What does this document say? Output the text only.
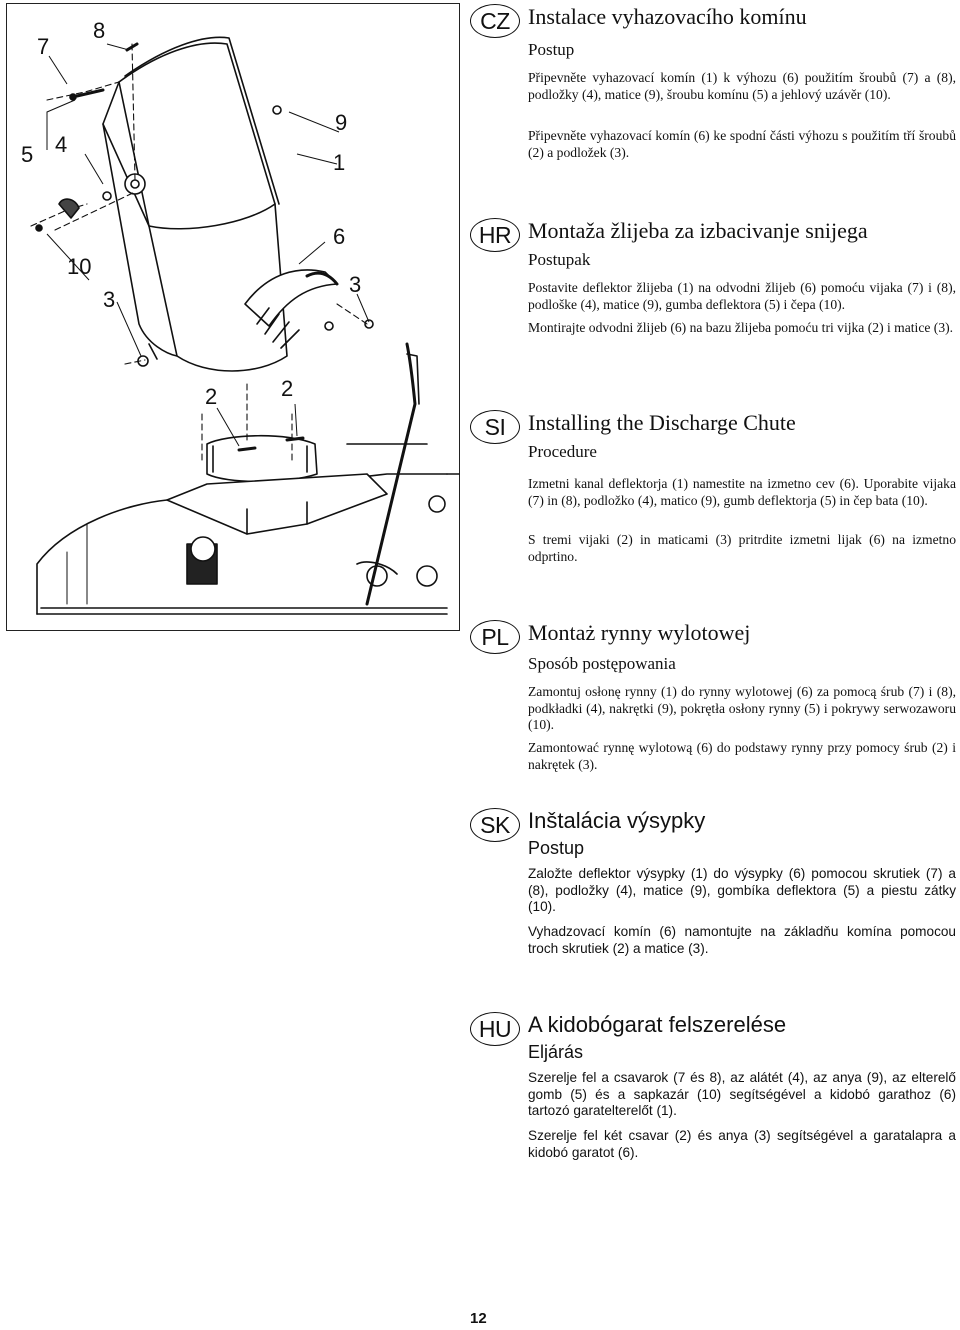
7
8
5 4
9
1
6
10
3
3
2	2
CZ Instalace vyhazovacího komínu
Postup

Připevněte vyhazovací komín (1) k výhozu (6) použitím šroubů (7) a (8), podložky (4), matice (9), šroubu komínu (5) a jehlový uzávěr (10).

Připevněte vyhazovací komín (6) ke spodní části výhozu s použitím tří šroubů (2) a podložek (3).

HR Montaža žlijeba za izbacivanje snijega
Postupak

Postavite deflektor žlijeba (1) na odvodni žlijeb (6) pomoću vijaka (7) i (8), podloške (4), matice (9), gumba deflektora (5) i čepa (10).

Montirajte odvodni žlijeb (6) na bazu žlijeba pomoću tri vijka (2) i matice (3).

SI	Installing the Discharge Chute
Procedure

Izmetni kanal deflektorja (1) namestite na izmetno cev (6). Uporabite vijaka (7) in (8), podložko (4), matico (9), gumb deflektorja (5) in čep bata (10).

S tremi vijaki (2) in maticami (3) pritrdite izmetni lijak (6) na izmetno odprtino.

PL Montaż rynny wylotowej
Sposób postępowania

Zamontuj osłonę rynny (1) do rynny wylotowej (6) za pomocą śrub (7) i (8), podkładki (4), nakrętki (9), pokrętła osłony rynny (5) i pokrywy serwozaworu (10).

Zamontować rynnę wylotową (6) do podstawy rynny przy pomocy śrub (2) i nakrętek (3).

SK Inštalácia výsypky
Postup

Založte deflektor výsypky (1) do výsypky (6) pomocou skrutiek (7) a (8), podložky (4), matice (9), gombíka deflektora (5) a piestu zátky (10).

Vyhadzovací komín (6) namontujte na základňu komína pomocou troch skrutiek (2) a matice (3).

HU A kidobógarat felszerelése
Eljárás

Szerelje fel a csavarok (7 és 8), az alátét (4), az anya (9), az elterelő gomb (5) és a sapkazár (10) segítségével a kidobó garathoz (6) tartozó garatelterelőt (1).

Szerelje fel két csavar (2) és anya (3) segítségével a garatalapra a kidobó garatot (6).

12
